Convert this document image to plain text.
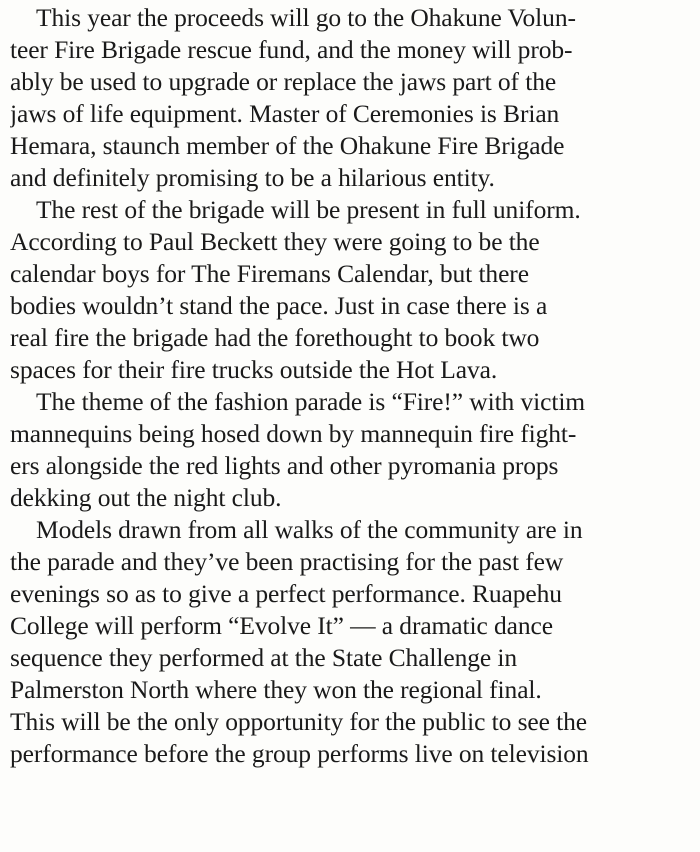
This year the proceeds will go to the Ohakune Volun-
teer Fire Brigade rescue fund, and the money will prob-
ably be used to upgrade or replace the jaws part of the
jaws of life equipment. Master of Ceremonies is Brian
Hemara, staunch member of the Ohakune Fire Brigade
and definitely promising to be a hilarious entity.
The rest of the brigade will be present in full uniform.
According to Paul Beckett they were going to be the
calendar boys for The Firemans Calendar, but there
bodies wouldn’t stand the pace. Just in case there is a
real fire the brigade had the forethought to book two
spaces for their fire trucks outside the Hot Lava.
The theme of the fashion parade is “Fire!” with victim
mannequins being hosed down by mannequin fire fight-
ers alongside the red lights and other pyromania props
dekking out the night club.
Models drawn from all walks of the community are in
the parade and they’ve been practising for the past few
evenings so as to give a perfect performance. Ruapehu
College will perform “Evolve It” — a dramatic dance
sequence they performed at the State Challenge in
Palmerston North where they won the regional final.
This will be the only opportunity for the public to see the
performance before the group performs live on television
